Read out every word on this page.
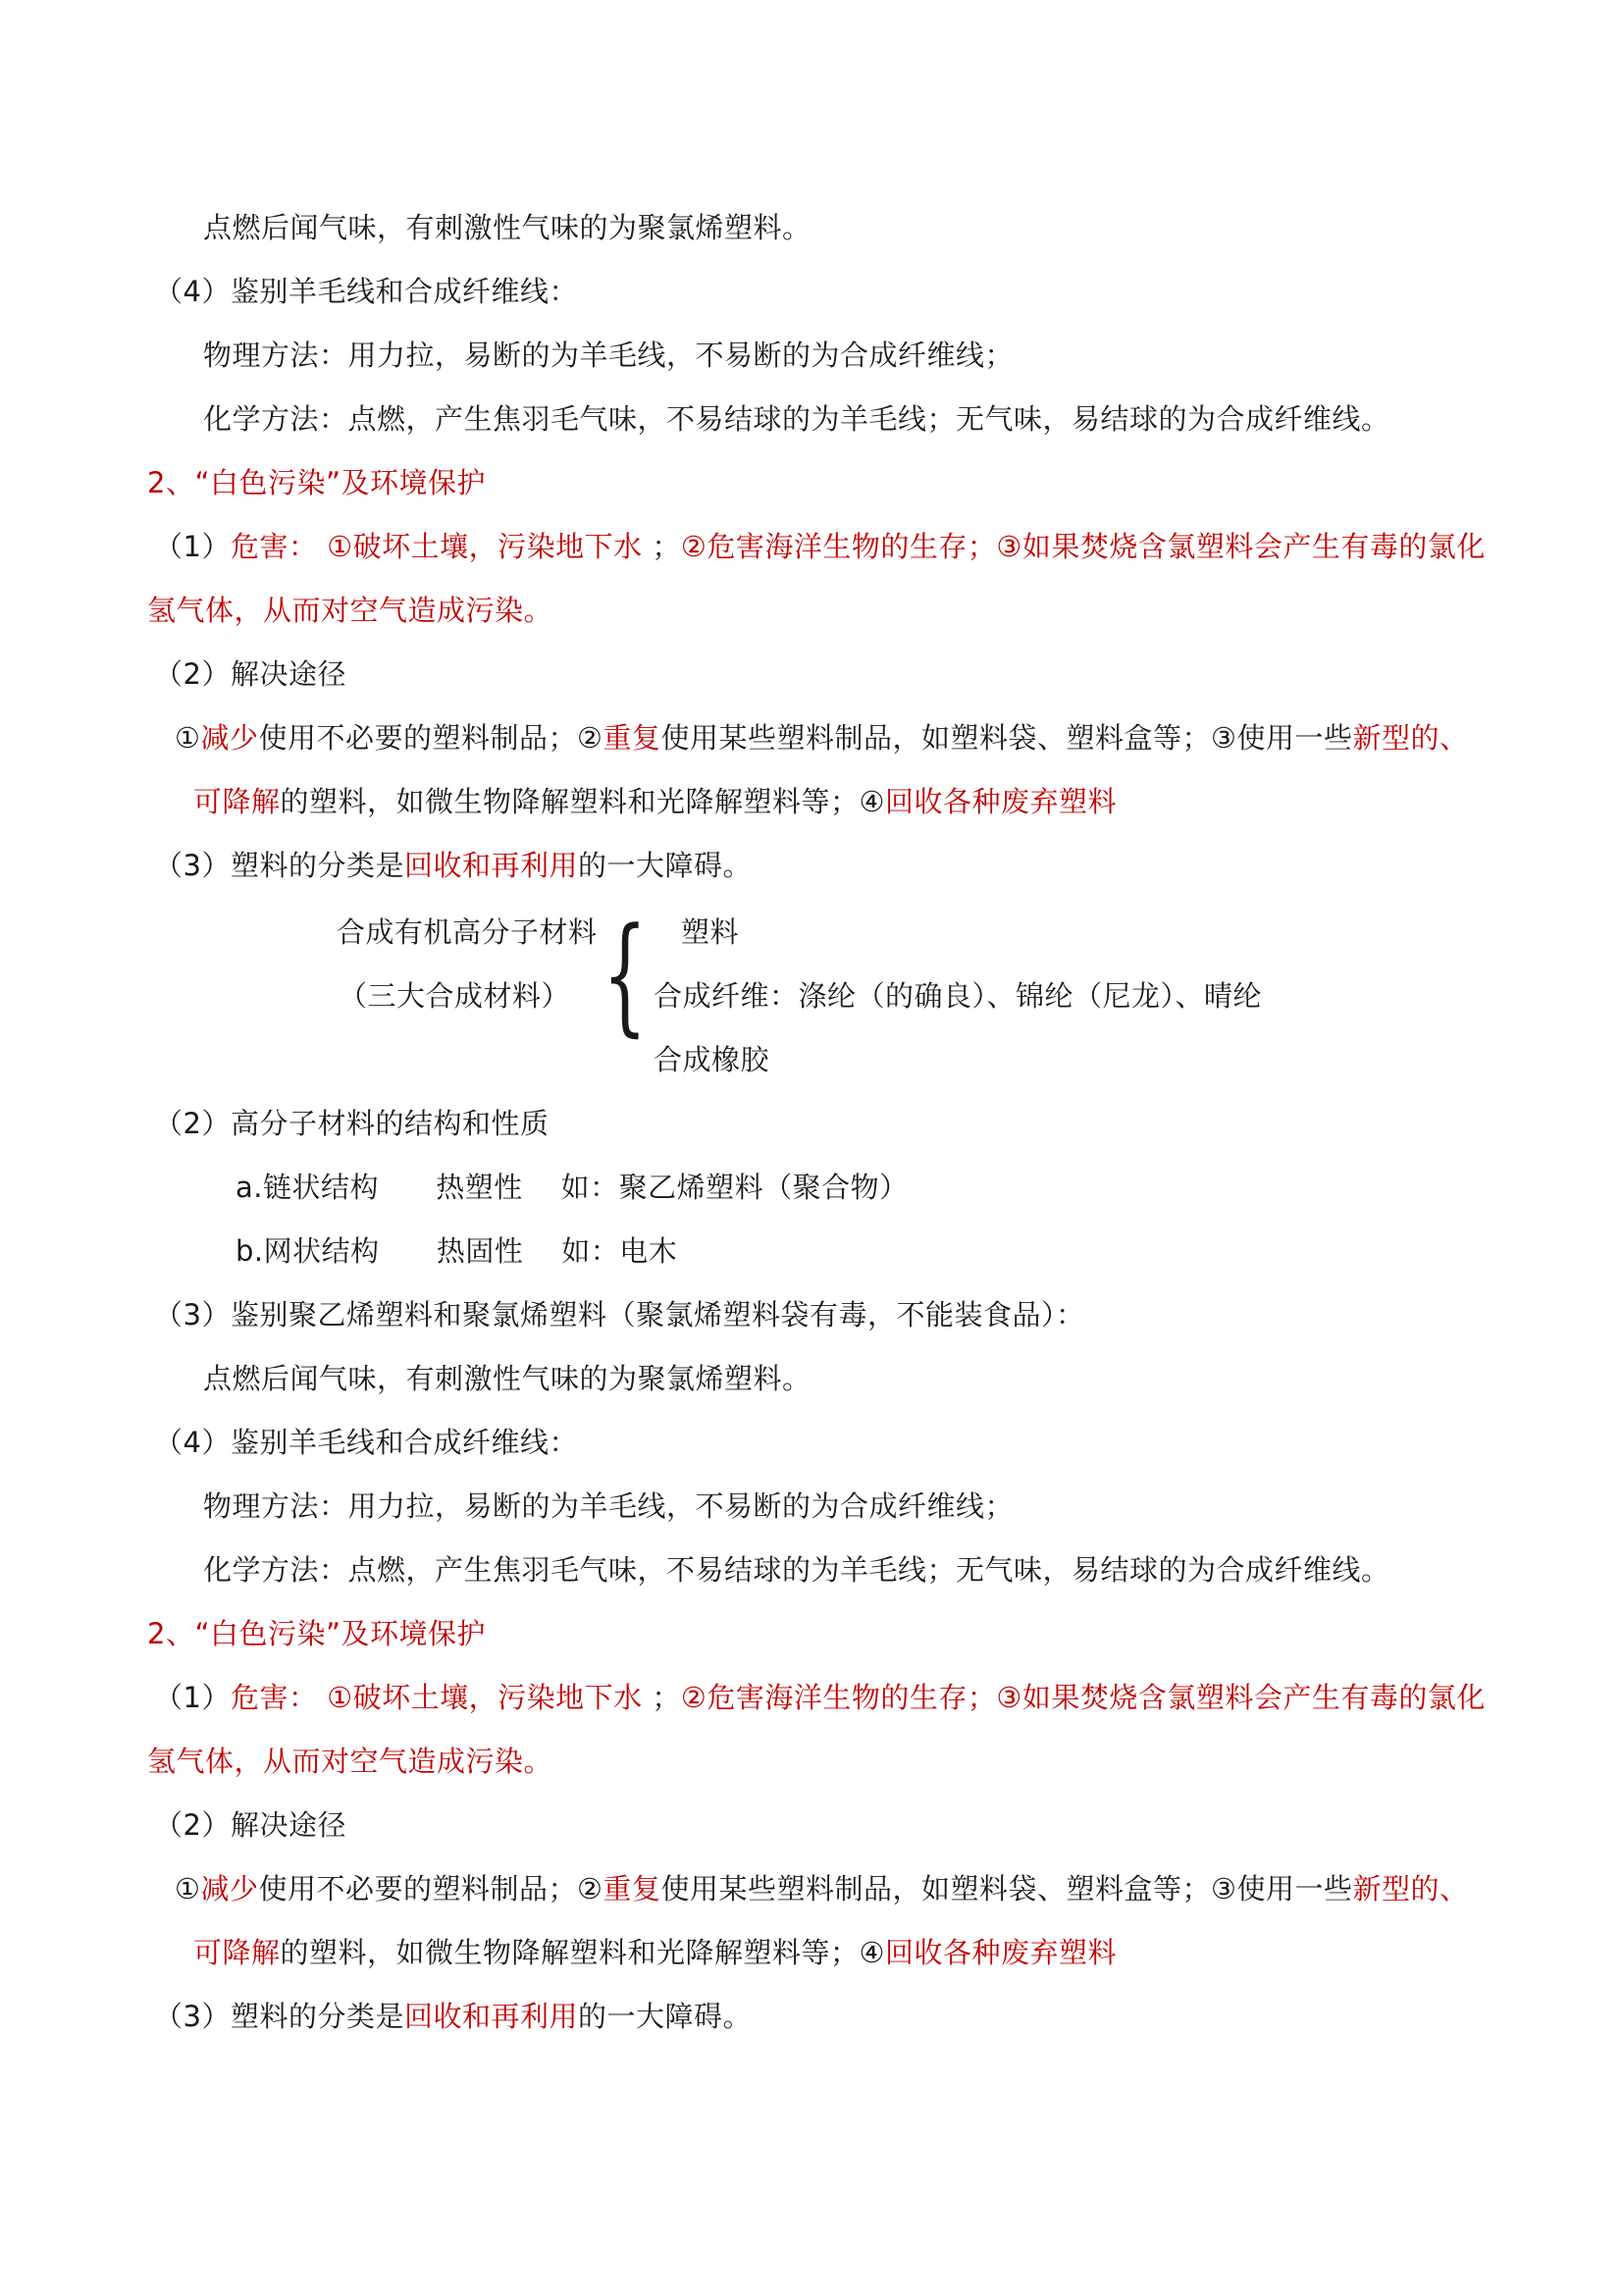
点燃后闻气味，有刺激性气味的为聚氯烯塑料。
（4）鉴别羊毛线和合成纤维线：
物理方法：用力拉，易断的为羊毛线，不易断的为合成纤维线；
化学方法：点燃，产生焦羽毛气味，不易结球的为羊毛线；无气味，易结球的为合成纤维线。
2、“白色污染”及环境保护
（1）危害： ①破坏土壤，污染地下水 ；②危害海洋生物的生存；③如果焚烧含氯塑料会产生有毒的氯化
氢气体，从而对空气造成污染。
（2）解决途径
①减少使用不必要的塑料制品；②重复使用某些塑料制品，如塑料袋、塑料盒等；③使用一些新型的、
可降解的塑料，如微生物降解塑料和光降解塑料等；④回收各种废弃塑料
（3）塑料的分类是回收和再利用的一大障碍。
合成有机高分子材料
（三大合成材料） { 塑料
合成纤维：涤纶（的确良）、锦纶（尼龙）、晴纶
合成橡胶
（2）高分子材料的结构和性质
a.链状结构      热塑性    如：聚乙烯塑料（聚合物）
b.网状结构      热固性    如：电木
（3）鉴别聚乙烯塑料和聚氯烯塑料（聚氯烯塑料袋有毒，不能装食品）：
点燃后闻气味，有刺激性气味的为聚氯烯塑料。
（4）鉴别羊毛线和合成纤维线：
物理方法：用力拉，易断的为羊毛线，不易断的为合成纤维线；
化学方法：点燃，产生焦羽毛气味，不易结球的为羊毛线；无气味，易结球的为合成纤维线。
2、“白色污染”及环境保护
（1）危害： ①破坏土壤，污染地下水 ；②危害海洋生物的生存；③如果焚烧含氯塑料会产生有毒的氯化
氢气体，从而对空气造成污染。
（2）解决途径
①减少使用不必要的塑料制品；②重复使用某些塑料制品，如塑料袋、塑料盒等；③使用一些新型的、
可降解的塑料，如微生物降解塑料和光降解塑料等；④回收各种废弃塑料
（3）塑料的分类是回收和再利用的一大障碍。
